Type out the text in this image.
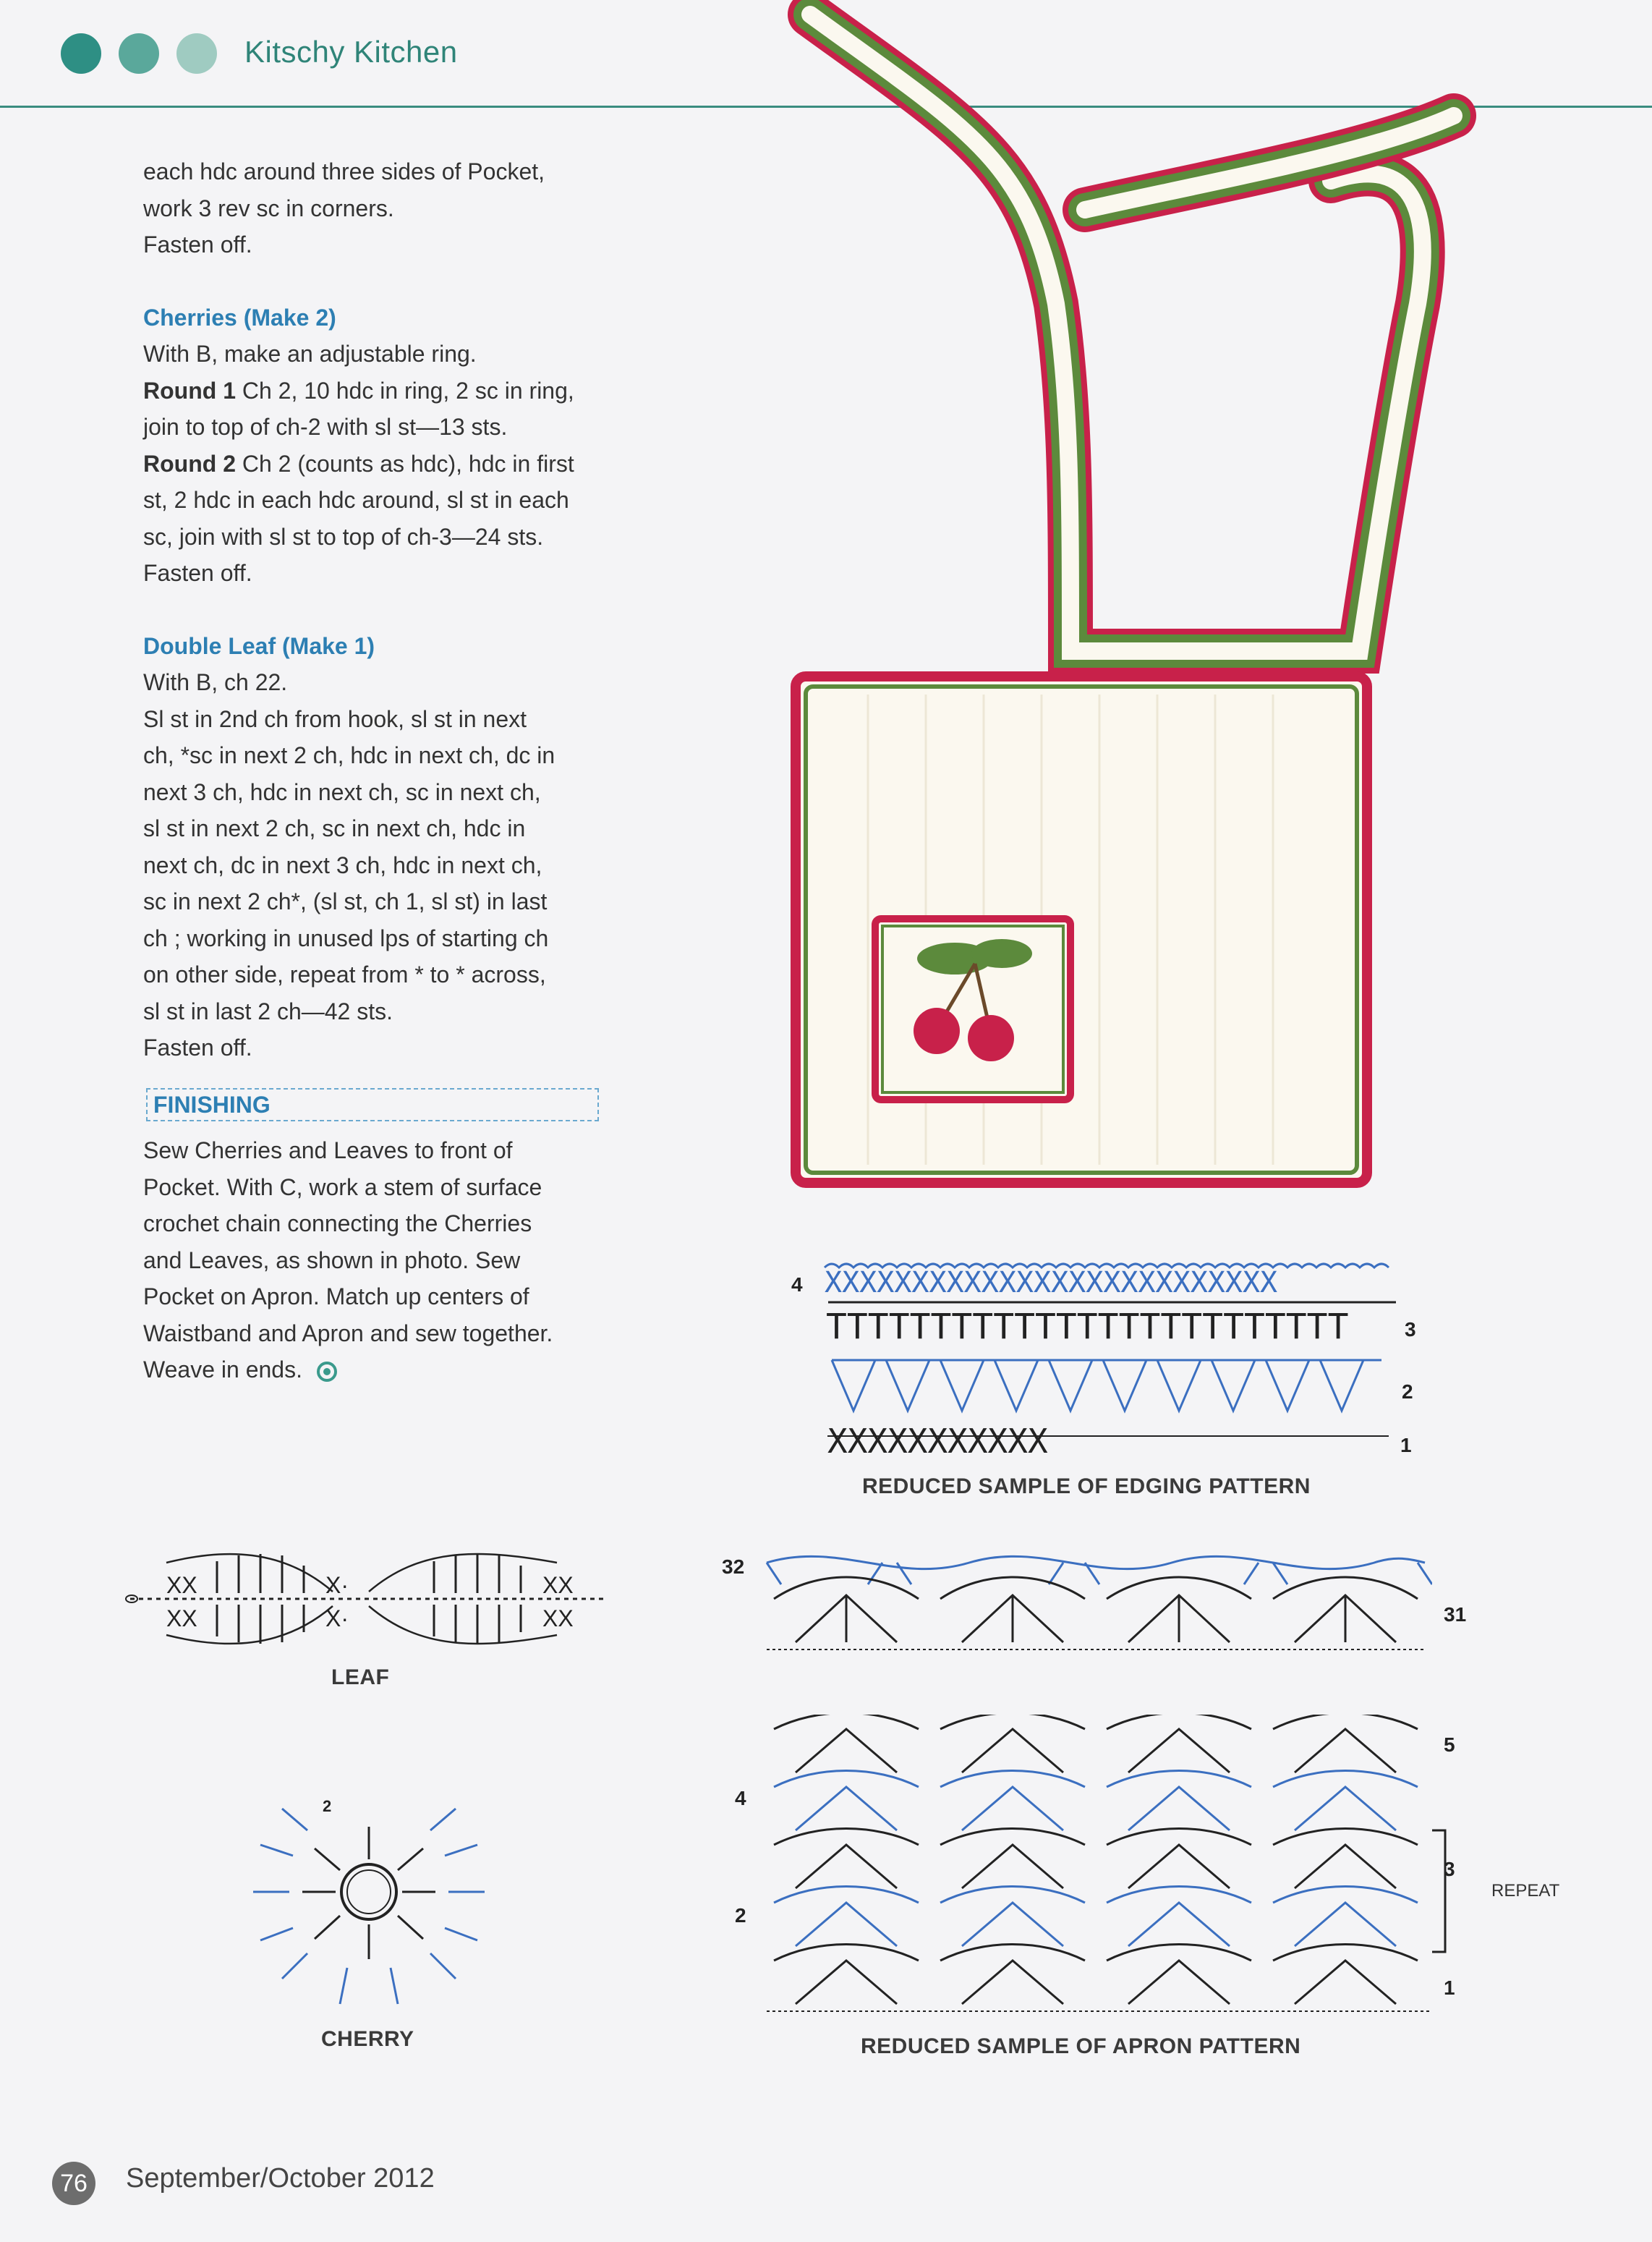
Kitschy Kitchen

each hdc around three sides of Pocket,

work 3 rev sc in corners.

Fasten off.

Cherries (Make 2)

With B, make an adjustable ring.

Round 1 Ch 2, 10 hdc in ring, 2 sc in ring,

join to top of ch-2 with sl st—13 sts.

Round 2 Ch 2 (counts as hdc), hdc in first

st, 2 hdc in each hdc around, sl st in each

sc, join with sl st to top of ch-3—24 sts.

Fasten off.

Double Leaf (Make 1)

With B, ch 22.

Sl st in 2nd ch from hook, sl st in next

ch, *sc in next 2 ch, hdc in next ch, dc in

next 3 ch, hdc in next ch, sc in next ch,

sl st in next 2 ch, sc in next ch, hdc in

next ch, dc in next 3 ch, hdc in next ch,

sc in next 2 ch*, (sl st, ch 1, sl st) in last

ch ; working in unused lps of starting ch

on other side, repeat from * to * across,

sl st in last 2 ch—42 sts.

Fasten off.

FINISHING

Sew Cherries and Leaves to front of

Pocket. With C, work a stem of surface

crochet chain connecting the Cherries

and Leaves, as shown in photo. Sew

Pocket on Apron. Match up centers of

Waistband and Apron and sew together.

Weave in ends.

XX
XX
X·
X·
XX
XX
LEAF
2
CHERRY
XXXXXXXXXXXXXXXXXXXXXXXXXX
TTTTTTTTTTTTTTTTTTTTTTTTT
XXXXXXXXXXX
4
3
2
1
REDUCED SAMPLE OF EDGING PATTERN
32
31
5
4
3
2
1
REPEAT
REDUCED SAMPLE OF APRON PATTERN
76 September/October 2012
